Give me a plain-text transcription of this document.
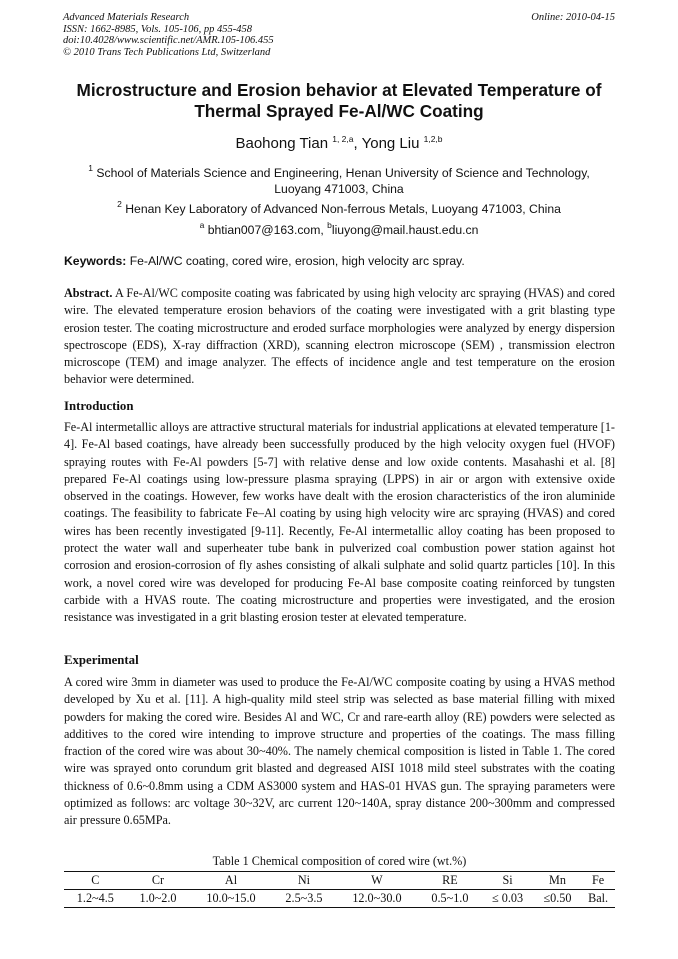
Advanced Materials Research
ISSN: 1662-8985, Vols. 105-106, pp 455-458
doi:10.4028/www.scientific.net/AMR.105-106.455
© 2010 Trans Tech Publications Ltd, Switzerland
Online: 2010-04-15
Microstructure and Erosion behavior at Elevated Temperature of
Thermal Sprayed Fe-Al/WC Coating
Baohong Tian $^{1, 2,a}$, Yong Liu $^{1,2,b}$
$^1$ School of Materials Science and Engineering, Henan University of Science and Technology,
Luoyang 471003, China
$^2$ Henan Key Laboratory of Advanced Non-ferrous Metals, Luoyang 471003, China
$^a$ bhtian007@163.com, $^b$liuyong@mail.haust.edu.cn
Keywords: Fe-Al/WC coating, cored wire, erosion, high velocity arc spray.
Abstract. A Fe-Al/WC composite coating was fabricated by using high velocity arc spraying (HVAS) and cored wire. The elevated temperature erosion behaviors of the coating were investigated with a grit blasting type erosion tester. The coating microstructure and eroded surface morphologies were analyzed by energy dispersion spectroscope (EDS), X-ray diffraction (XRD), scanning electron microscope (SEM) , transmission electron microscope (TEM) and image analyzer. The effects of incidence angle and test temperature on the erosion behavior were determined.
Introduction
Fe-Al intermetallic alloys are attractive structural materials for industrial applications at elevated temperature [1-4]. Fe-Al based coatings, have already been successfully produced by the high velocity oxygen fuel (HVOF) spraying routes with Fe-Al powders [5-7] with relative dense and low oxide contents. Masahashi et al. [8] prepared Fe-Al coatings using low-pressure plasma spraying (LPPS) in air or argon with extensive oxide observed in the coatings. However, few works have dealt with the erosion characteristics of the iron aluminide coatings. The feasibility to fabricate Fe–Al coating by using high velocity wire arc spraying (HVAS) and cored wires has been recently investigated [9-11]. Recently, Fe-Al intermetallic alloy coating has been proposed to protect the water wall and superheater tube bank in pulverized coal combustion power station against hot corrosion and erosion-corrosion of fly ashes consisting of alkali sulphate and solid quartz particles [10]. In this work, a novel cored wire was developed for producing Fe-Al base composite coating reinforced by tungsten carbide with a HVAS route. The coating microstructure and properties were investigated, and the erosion resistance was investigated in a grit blasting erosion tester at elevated temperature.
Experimental
A cored wire 3mm in diameter was used to produce the Fe-Al/WC composite coating by using a HVAS method developed by Xu et al. [11]. A high-quality mild steel strip was selected as base material filling with mixed powders for making the cored wire. Besides Al and WC, Cr and rare-earth alloy (RE) powders were selected as additives to the cored wire intending to improve structure and properties of the coatings. The mass filling fraction of the cored wire was about 30~40%. The namely chemical composition is listed in Table 1. The cored wire was sprayed onto corundum grit blasted and degreased AISI 1018 mild steel substrates with the coating thickness of 0.6~0.8mm using a CDM AS3000 system and HAS-01 HVAS gun. The spraying parameters were optimized as follows: arc voltage 30~32V, arc current 120~140A, spray distance 200~300mm and compressed air pressure 0.65MPa.
Table 1 Chemical composition of cored wire (wt.%)
C	Cr	Al	Ni	W	RE	Si	Mn	Fe
1.2~4.5	1.0~2.0	10.0~15.0	2.5~3.5	12.0~30.0	0.5~1.0	≤ 0.03	≤0.50	Bal.
